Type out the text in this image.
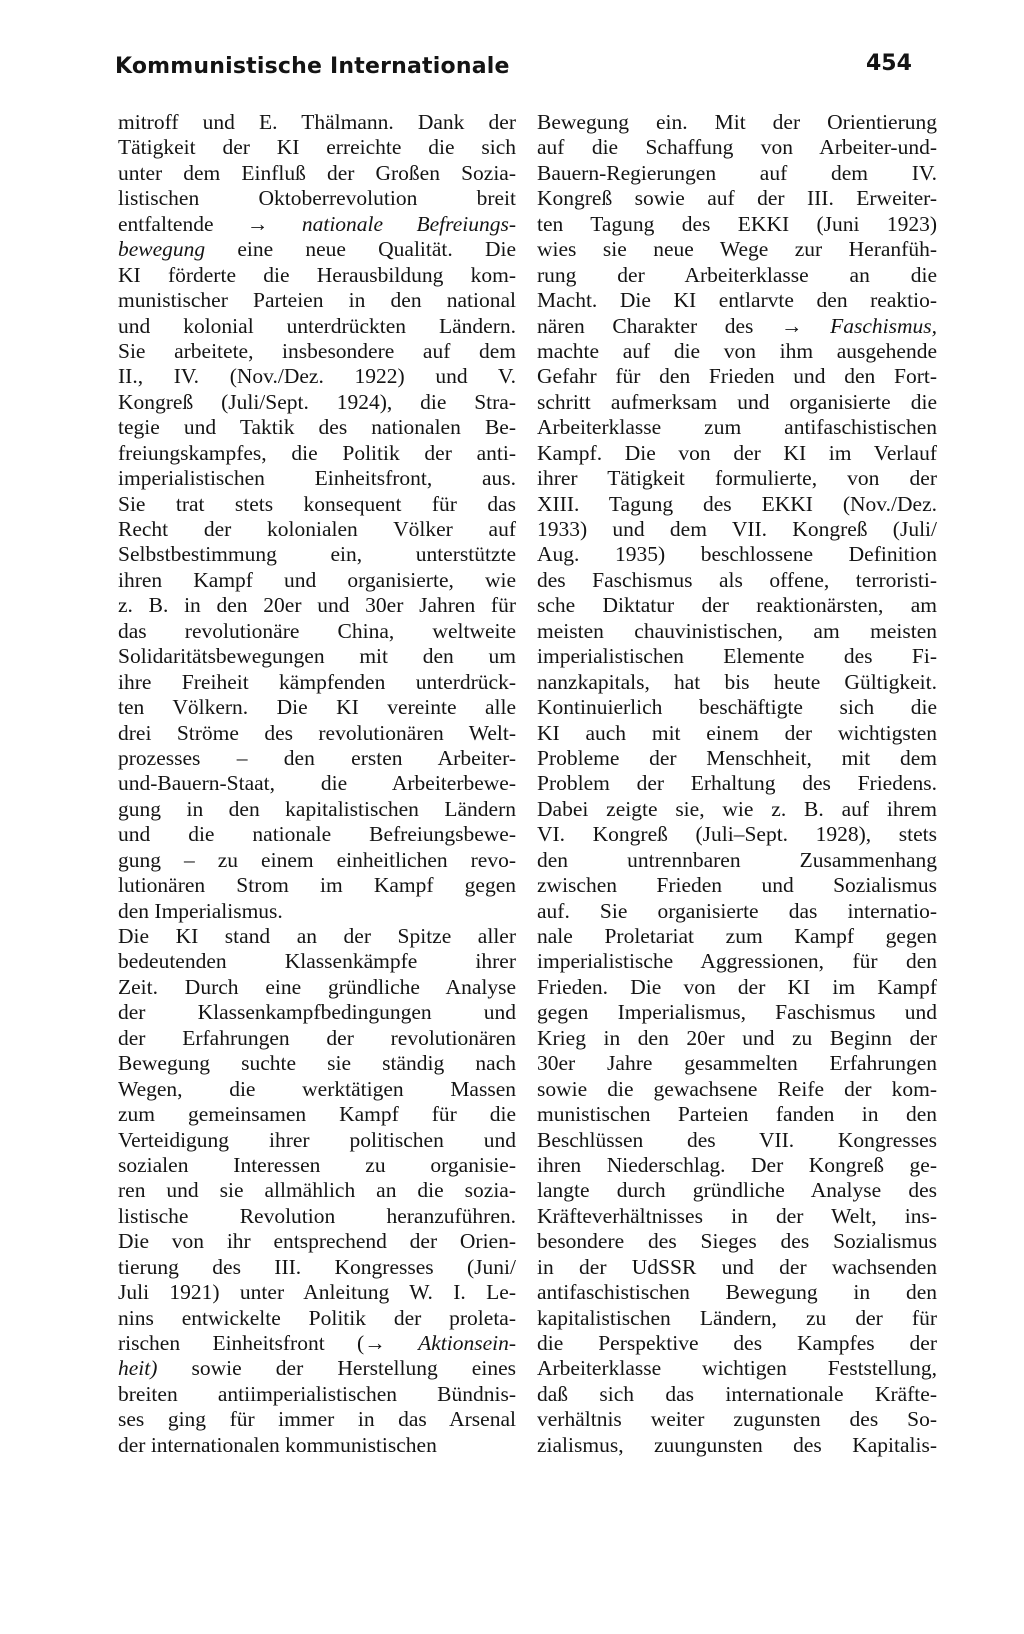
Kommunistische Internationale	454
mitroff und E. Thälmann. Dank der
Tätigkeit der KI erreichte die sich
unter dem Einfluß der Großen Sozia-
listischen Oktoberrevolution breit
entfaltende → nationale Befreiungs-
bewegung eine neue Qualität. Die
KI förderte die Herausbildung kom-
munistischer Parteien in den national
und kolonial unterdrückten Ländern.
Sie arbeitete, insbesondere auf dem
II., IV. (Nov./Dez. 1922) und V.
Kongreß (Juli/Sept. 1924), die Stra-
tegie und Taktik des nationalen Be-
freiungskampfes, die Politik der anti-
imperialistischen Einheitsfront, aus.
Sie trat stets konsequent für das
Recht der kolonialen Völker auf
Selbstbestimmung ein, unterstützte
ihren Kampf und organisierte, wie
z. B. in den 20er und 30er Jahren für
das revolutionäre China, weltweite
Solidaritätsbewegungen mit den um
ihre Freiheit kämpfenden unterdrück-
ten Völkern. Die KI vereinte alle
drei Ströme des revolutionären Welt-
prozesses – den ersten Arbeiter-
und-Bauern-Staat, die Arbeiterbewe-
gung in den kapitalistischen Ländern
und die nationale Befreiungsbewe-
gung – zu einem einheitlichen revo-
lutionären Strom im Kampf gegen
den Imperialismus.
Die KI stand an der Spitze aller
bedeutenden Klassenkämpfe ihrer
Zeit. Durch eine gründliche Analyse
der Klassenkampfbedingungen und
der Erfahrungen der revolutionären
Bewegung suchte sie ständig nach
Wegen, die werktätigen Massen
zum gemeinsamen Kampf für die
Verteidigung ihrer politischen und
sozialen Interessen zu organisie-
ren und sie allmählich an die sozia-
listische Revolution heranzuführen.
Die von ihr entsprechend der Orien-
tierung des III. Kongresses (Juni/
Juli 1921) unter Anleitung W. I. Le-
nins entwickelte Politik der proleta-
rischen Einheitsfront (→ Aktionsein-
heit) sowie der Herstellung eines
breiten antiimperialistischen Bündnis-
ses ging für immer in das Arsenal
der internationalen kommunistischen
Bewegung ein. Mit der Orientierung
auf die Schaffung von Arbeiter-und-
Bauern-Regierungen auf dem IV.
Kongreß sowie auf der III. Erweiter-
ten Tagung des EKKI (Juni 1923)
wies sie neue Wege zur Heranfüh-
rung der Arbeiterklasse an die
Macht. Die KI entlarvte den reaktio-
nären Charakter des → Faschismus,
machte auf die von ihm ausgehende
Gefahr für den Frieden und den Fort-
schritt aufmerksam und organisierte die
Arbeiterklasse zum antifaschistischen
Kampf. Die von der KI im Verlauf
ihrer Tätigkeit formulierte, von der
XIII. Tagung des EKKI (Nov./Dez.
1933) und dem VII. Kongreß (Juli/
Aug. 1935) beschlossene Definition
des Faschismus als offene, terroristi-
sche Diktatur der reaktionärsten, am
meisten chauvinistischen, am meisten
imperialistischen Elemente des Fi-
nanzkapitals, hat bis heute Gültigkeit.
Kontinuierlich beschäftigte sich die
KI auch mit einem der wichtigsten
Probleme der Menschheit, mit dem
Problem der Erhaltung des Friedens.
Dabei zeigte sie, wie z. B. auf ihrem
VI. Kongreß (Juli–Sept. 1928), stets
den untrennbaren Zusammenhang
zwischen Frieden und Sozialismus
auf. Sie organisierte das internatio-
nale Proletariat zum Kampf gegen
imperialistische Aggressionen, für den
Frieden. Die von der KI im Kampf
gegen Imperialismus, Faschismus und
Krieg in den 20er und zu Beginn der
30er Jahre gesammelten Erfahrungen
sowie die gewachsene Reife der kom-
munistischen Parteien fanden in den
Beschlüssen des VII. Kongresses
ihren Niederschlag. Der Kongreß ge-
langte durch gründliche Analyse des
Kräfteverhältnisses in der Welt, ins-
besondere des Sieges des Sozialismus
in der UdSSR und der wachsenden
antifaschistischen Bewegung in den
kapitalistischen Ländern, zu der für
die Perspektive des Kampfes der
Arbeiterklasse wichtigen Feststellung,
daß sich das internationale Kräfte-
verhältnis weiter zugunsten des So-
zialismus, zuungunsten des Kapitalis-
